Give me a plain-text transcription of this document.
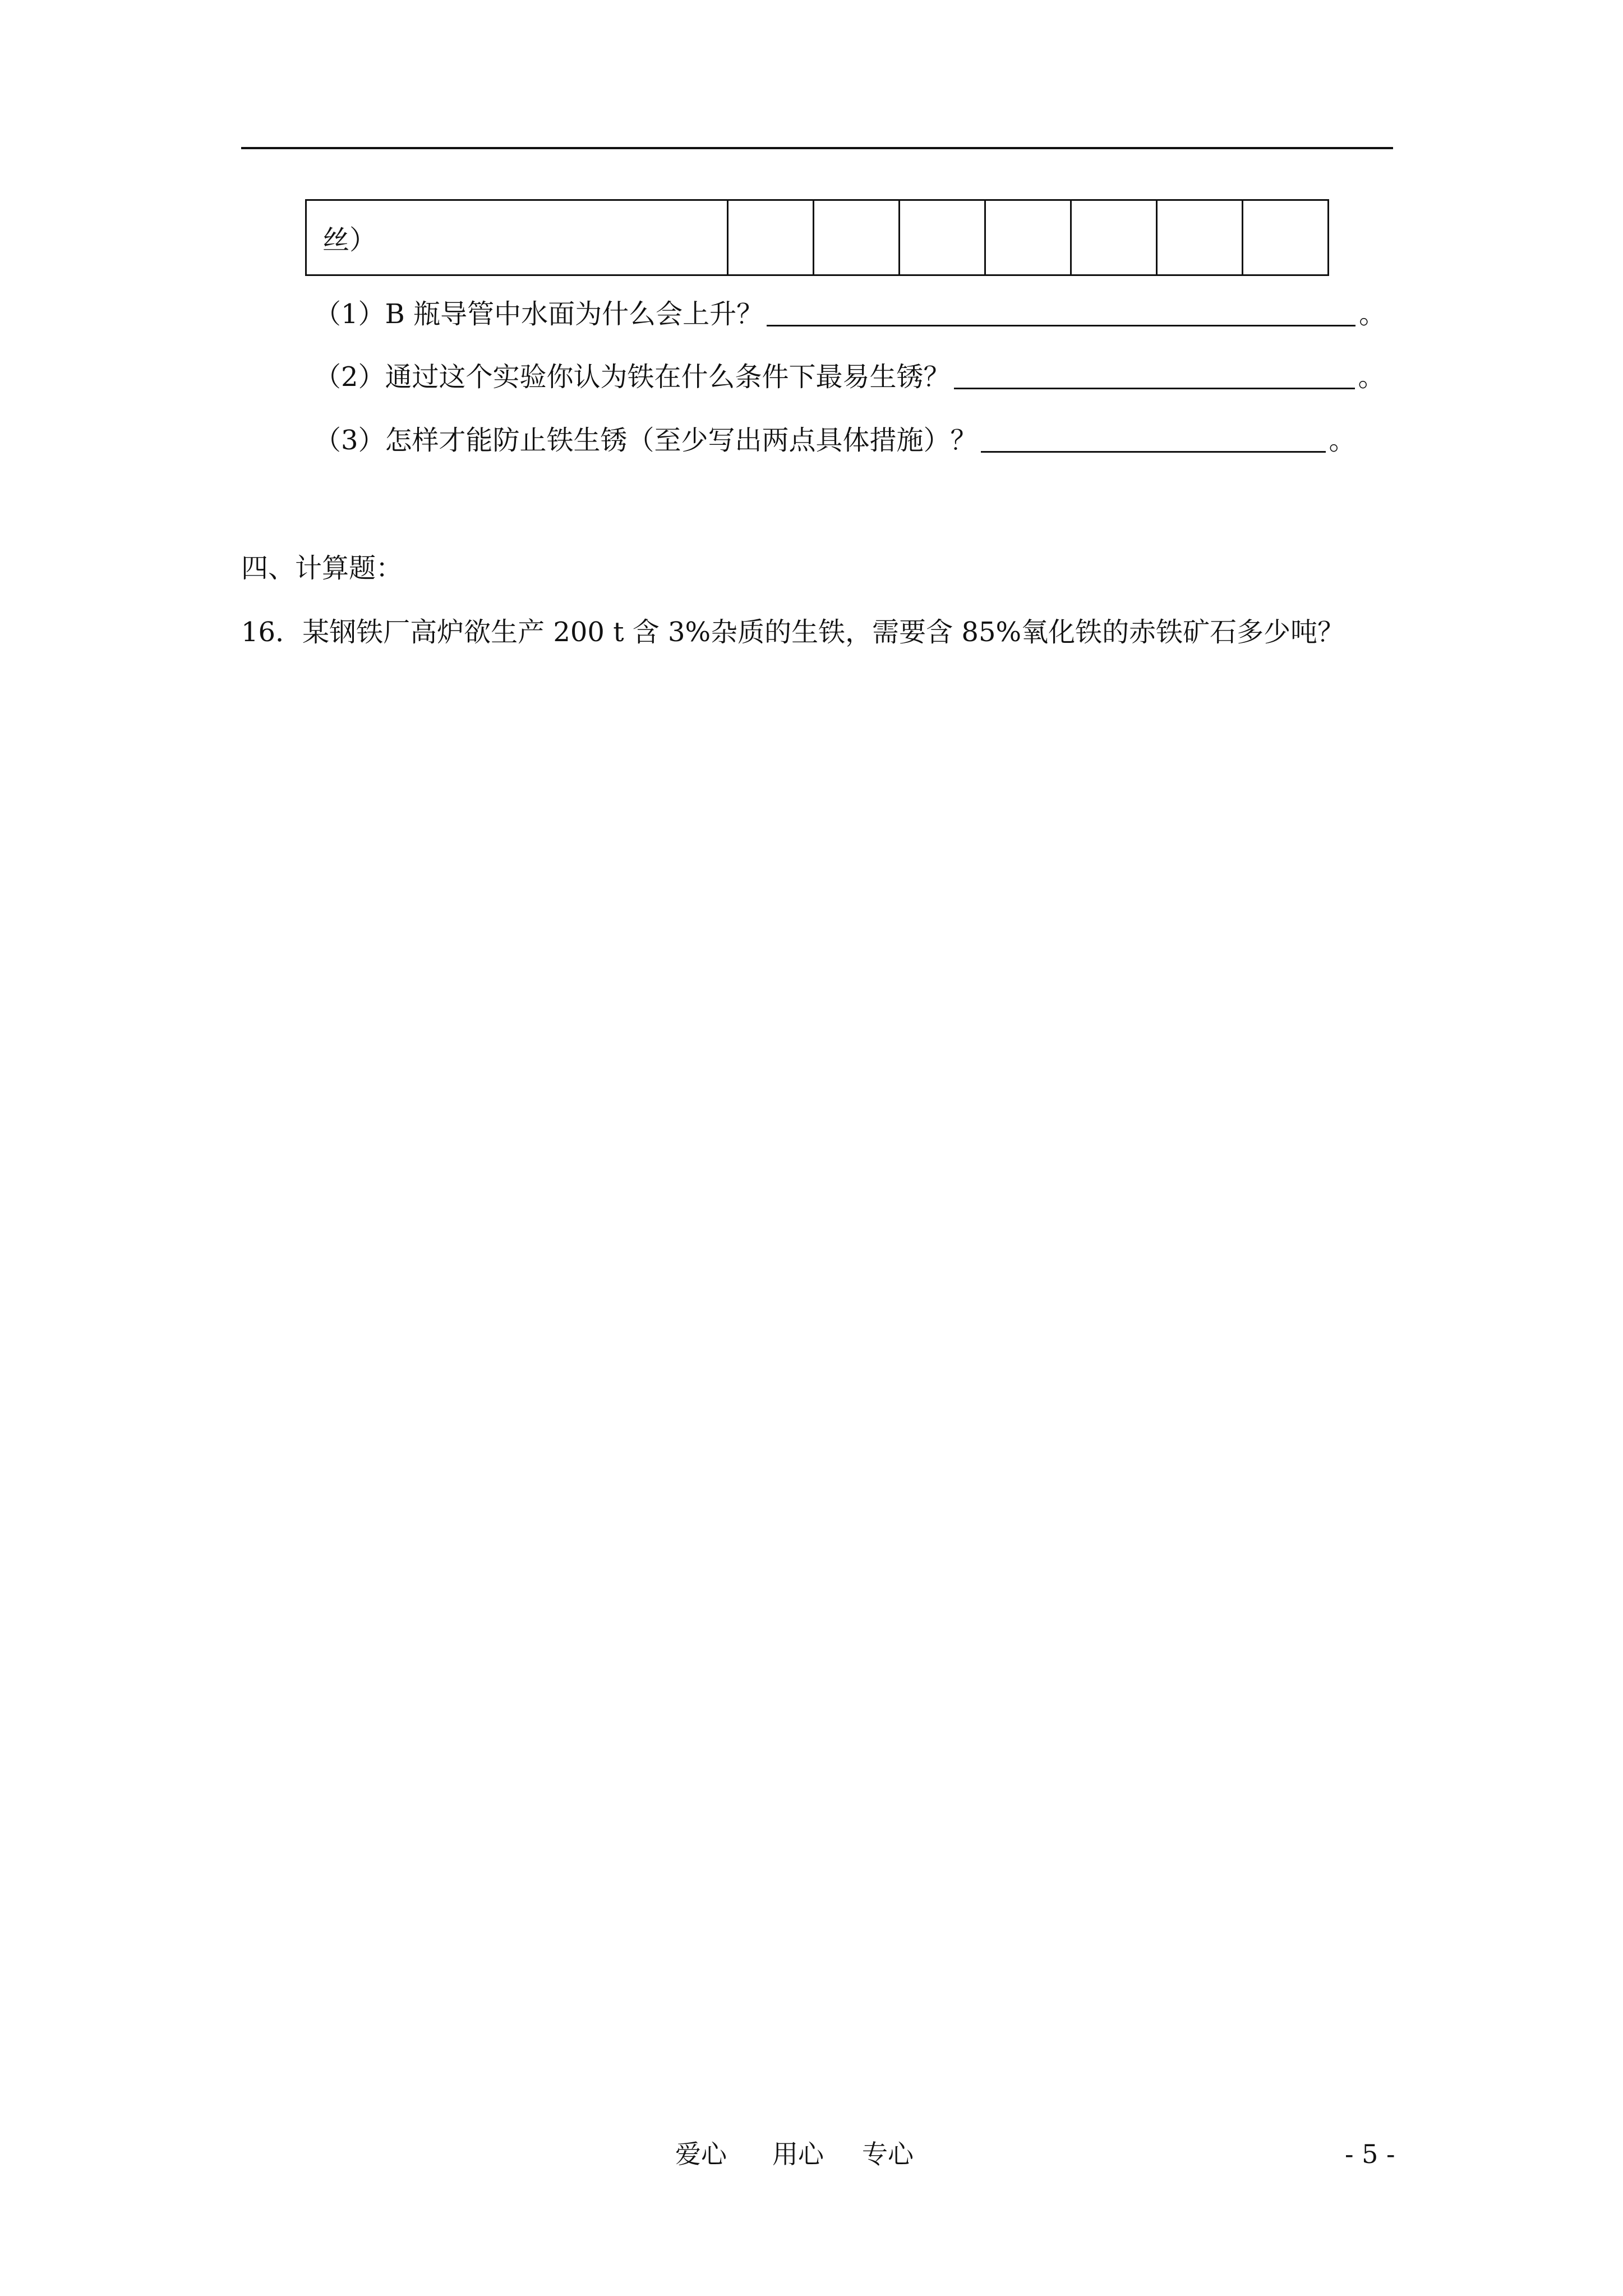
丝）							
（1）B 瓶导管中水面为什么会上升？	。
（2）通过这个实验你认为铁在什么条件下最易生锈？	。
（3）怎样才能防止铁生锈（至少写出两点具体措施）？	。
四、计算题：
16．某钢铁厂高炉欲生产 200 t 含 3%杂质的生铁，需要含 85%氧化铁的赤铁矿石多少吨？
爱心 用心 专心	- 5 -
